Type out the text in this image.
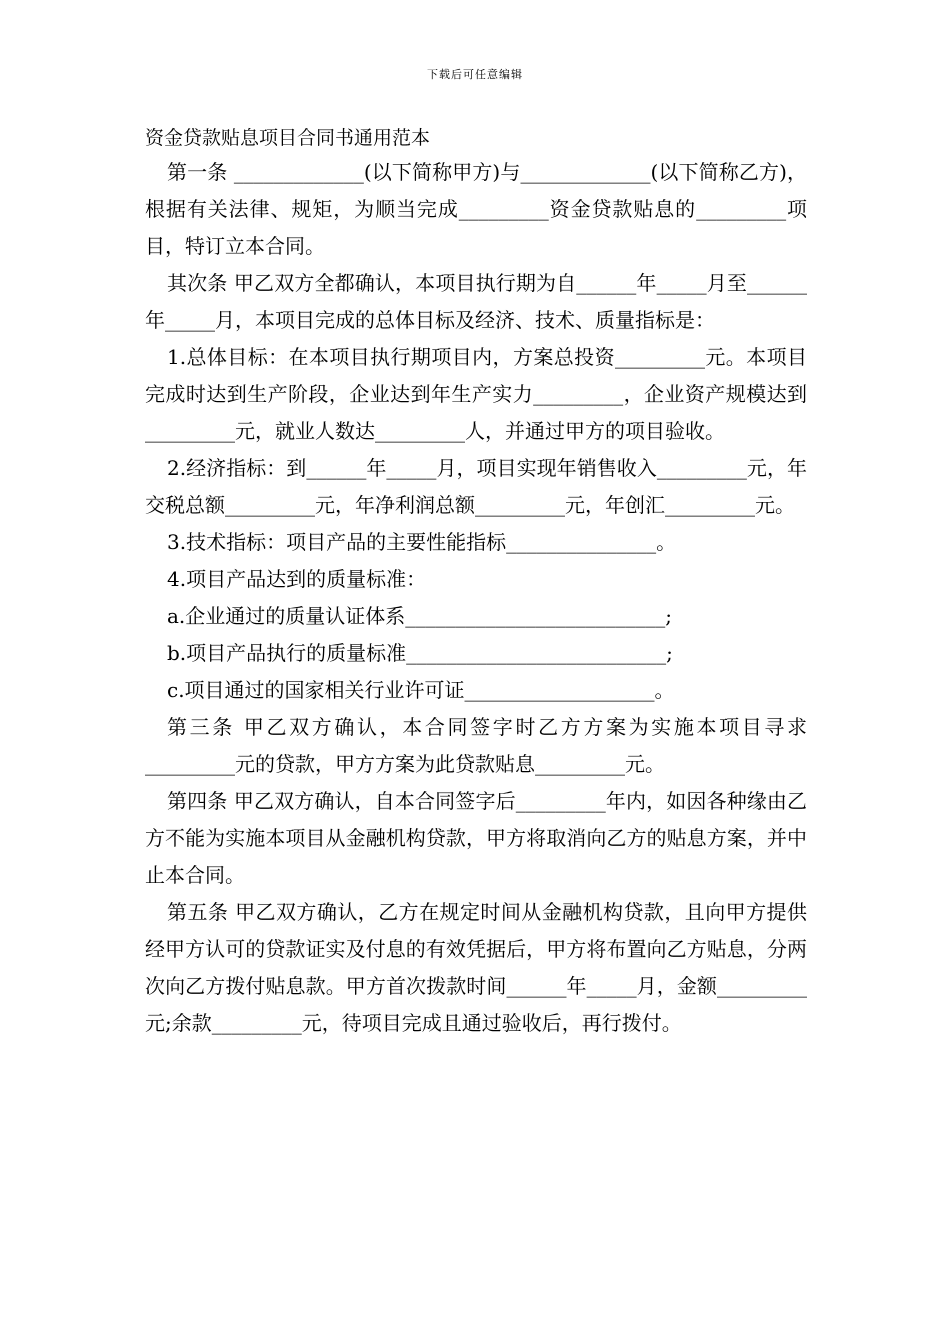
下载后可任意编辑
资金贷款贴息项目合同书通用范本

第一条 _____________(以下简称甲方)与_____________(以下简称乙方)，根据有关法律、规矩，为顺当完成_________资金贷款贴息的_________项目，特订立本合同。

其次条 甲乙双方全都确认，本项目执行期为自______年_____月至______年_____月，本项目完成的总体目标及经济、技术、质量指标是：

1.总体目标：在本项目执行期项目内，方案总投资_________元。本项目完成时达到生产阶段，企业达到年生产实力_________，企业资产规模达到_________元，就业人数达_________人，并通过甲方的项目验收。

2.经济指标：到______年_____月，项目实现年销售收入_________元，年交税总额_________元，年净利润总额_________元，年创汇_________元。

3.技术指标：项目产品的主要性能指标_______________。

4.项目产品达到的质量标准：

a.企业通过的质量认证体系__________________________;

b.项目产品执行的质量标准__________________________;

c.项目通过的国家相关行业许可证___________________。

第三条 甲乙双方确认，本合同签字时乙方方案为实施本项目寻求_________元的贷款，甲方方案为此贷款贴息_________元。

第四条 甲乙双方确认，自本合同签字后_________年内，如因各种缘由乙方不能为实施本项目从金融机构贷款，甲方将取消向乙方的贴息方案，并中止本合同。

第五条 甲乙双方确认，乙方在规定时间从金融机构贷款，且向甲方提供经甲方认可的贷款证实及付息的有效凭据后，甲方将布置向乙方贴息，分两次向乙方拨付贴息款。甲方首次拨款时间______年_____月，金额_________元;余款_________元，待项目完成且通过验收后，再行拨付。
